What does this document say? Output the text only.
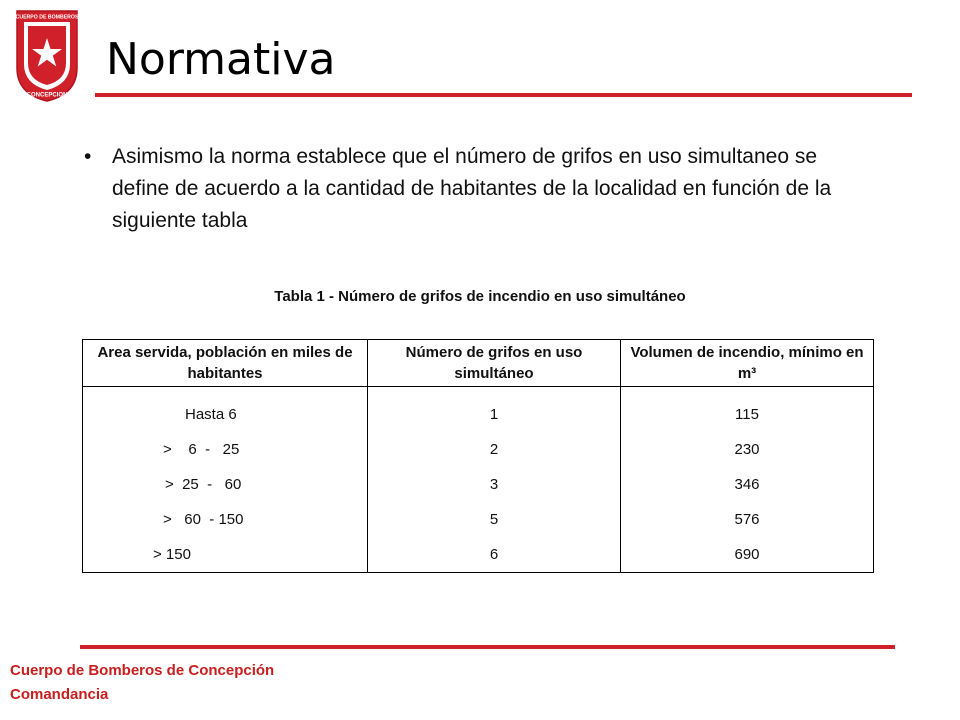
CUERPO DE BOMBEROS
CONCEPCION
Normativa
• Asimismo la norma establece que el número de grifos en uso simultaneo se define de acuerdo a la cantidad de habitantes de la localidad en función de la siguiente tabla
Tabla 1 - Número de grifos de incendio en uso simultáneo
Area servida, población en miles de habitantes	Número de grifos en uso simultáneo	Volumen de incendio, mínimo en m³

Hasta 6	1	115
>    6  -   25	2	230
>  25  -   60	3	346
>   60  - 150	5	576
> 150	6	690
Cuerpo de Bomberos de Concepción
Comandancia
